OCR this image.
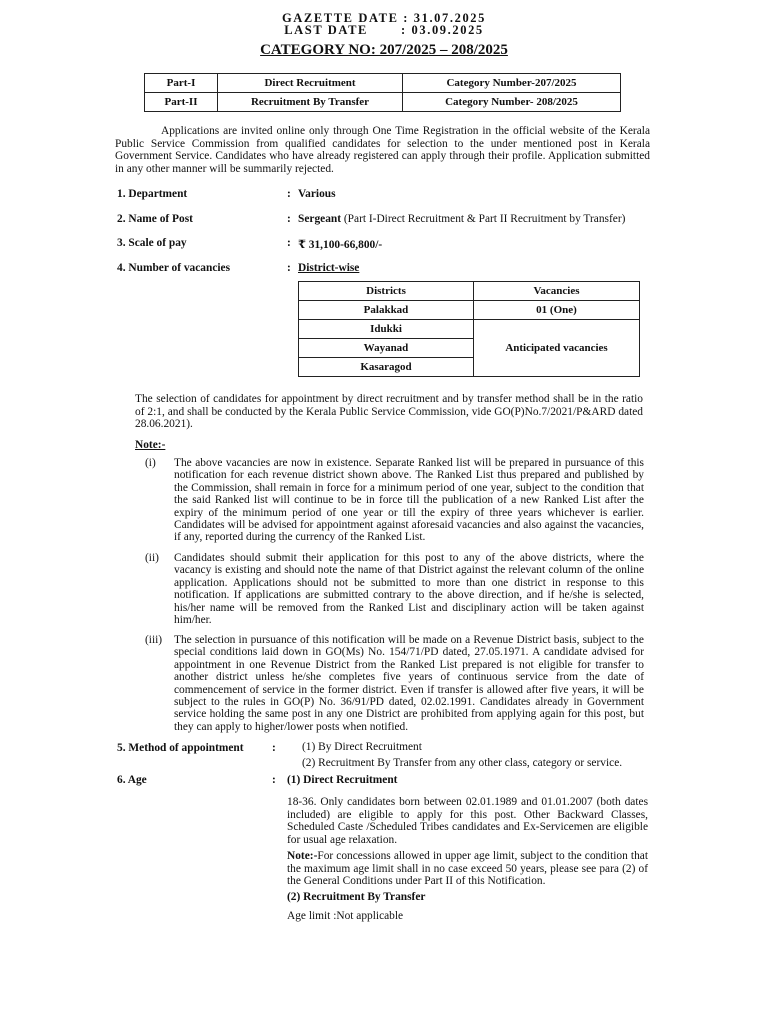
GAZETTE DATE : 31.07.2025
LAST DATE       : 03.09.2025
CATEGORY NO: 207/2025 – 208/2025
Part-I	Direct Recruitment	Category Number-207/2025
Part-II	Recruitment By Transfer	Category Number- 208/2025
Applications are invited online only through One Time Registration in the official website of the Kerala Public Service Commission from qualified candidates for selection to the under mentioned post in Kerala Government Service. Candidates who have already registered can apply through their profile. Application submitted in any other manner will be summarily rejected.
1. Department	: Various
2. Name of Post	: Sergeant (Part I-Direct Recruitment & Part II Recruitment by Transfer)
3. Scale of pay	: ₹ 31,100-66,800/-
4. Number of vacancies	: District-wise
Districts	Vacancies
Palakkad	01 (One)
Idukki	Anticipated vacancies
Wayanad	
Kasaragod	
The selection of candidates for appointment by direct recruitment and by transfer method shall be in the ratio of 2:1, and shall be conducted by the Kerala Public Service Commission, vide GO(P)No.7/2021/P&ARD dated 28.06.2021).
Note:-
(i) The above vacancies are now in existence. Separate Ranked list will be prepared in pursuance of this notification for each revenue district shown above. The Ranked List thus prepared and published by the Commission, shall remain in force for a minimum period of one year, subject to the condition that the said Ranked list will continue to be in force till the publication of a new Ranked List after the expiry of the minimum period of one year or till the expiry of three years whichever is earlier. Candidates will be advised for appointment against aforesaid vacancies and also against the vacancies, if any, reported during the currency of the Ranked List.
(ii) Candidates should submit their application for this post to any of the above districts, where the vacancy is existing and should note the name of that District against the relevant column of the online application. Applications should not be submitted to more than one district in response to this notification. If applications are submitted contrary to the above direction, and if he/she is selected, his/her name will be removed from the Ranked List and disciplinary action will be taken against him/her.
(iii) The selection in pursuance of this notification will be made on a Revenue District basis, subject to the special conditions laid down in GO(Ms) No. 154/71/PD dated, 27.05.1971. A candidate advised for appointment in one Revenue District from the Ranked List prepared is not eligible for transfer to another district unless he/she completes five years of continuous service from the date of commencement of service in the former district. Even if transfer is allowed after five years, it will be subject to the rules in GO(P) No. 36/91/PD dated, 02.02.1991. Candidates already in Government service holding the same post in any one District are prohibited from applying again for this post, but they can apply to higher/lower posts when notified.
5. Method of appointment : (1) By Direct Recruitment
(2) Recruitment By Transfer from any other class, category or service.
6. Age	: (1) Direct Recruitment
18-36. Only candidates born between 02.01.1989 and 01.01.2007 (both dates included) are eligible to apply for this post. Other Backward Classes, Scheduled Caste /Scheduled Tribes candidates and Ex-Servicemen are eligible for usual age relaxation.
Note:-For concessions allowed in upper age limit, subject to the condition that the maximum age limit shall in no case exceed 50 years, please see para (2) of the General Conditions under Part II of this Notification.
(2) Recruitment By Transfer
Age limit :Not applicable
